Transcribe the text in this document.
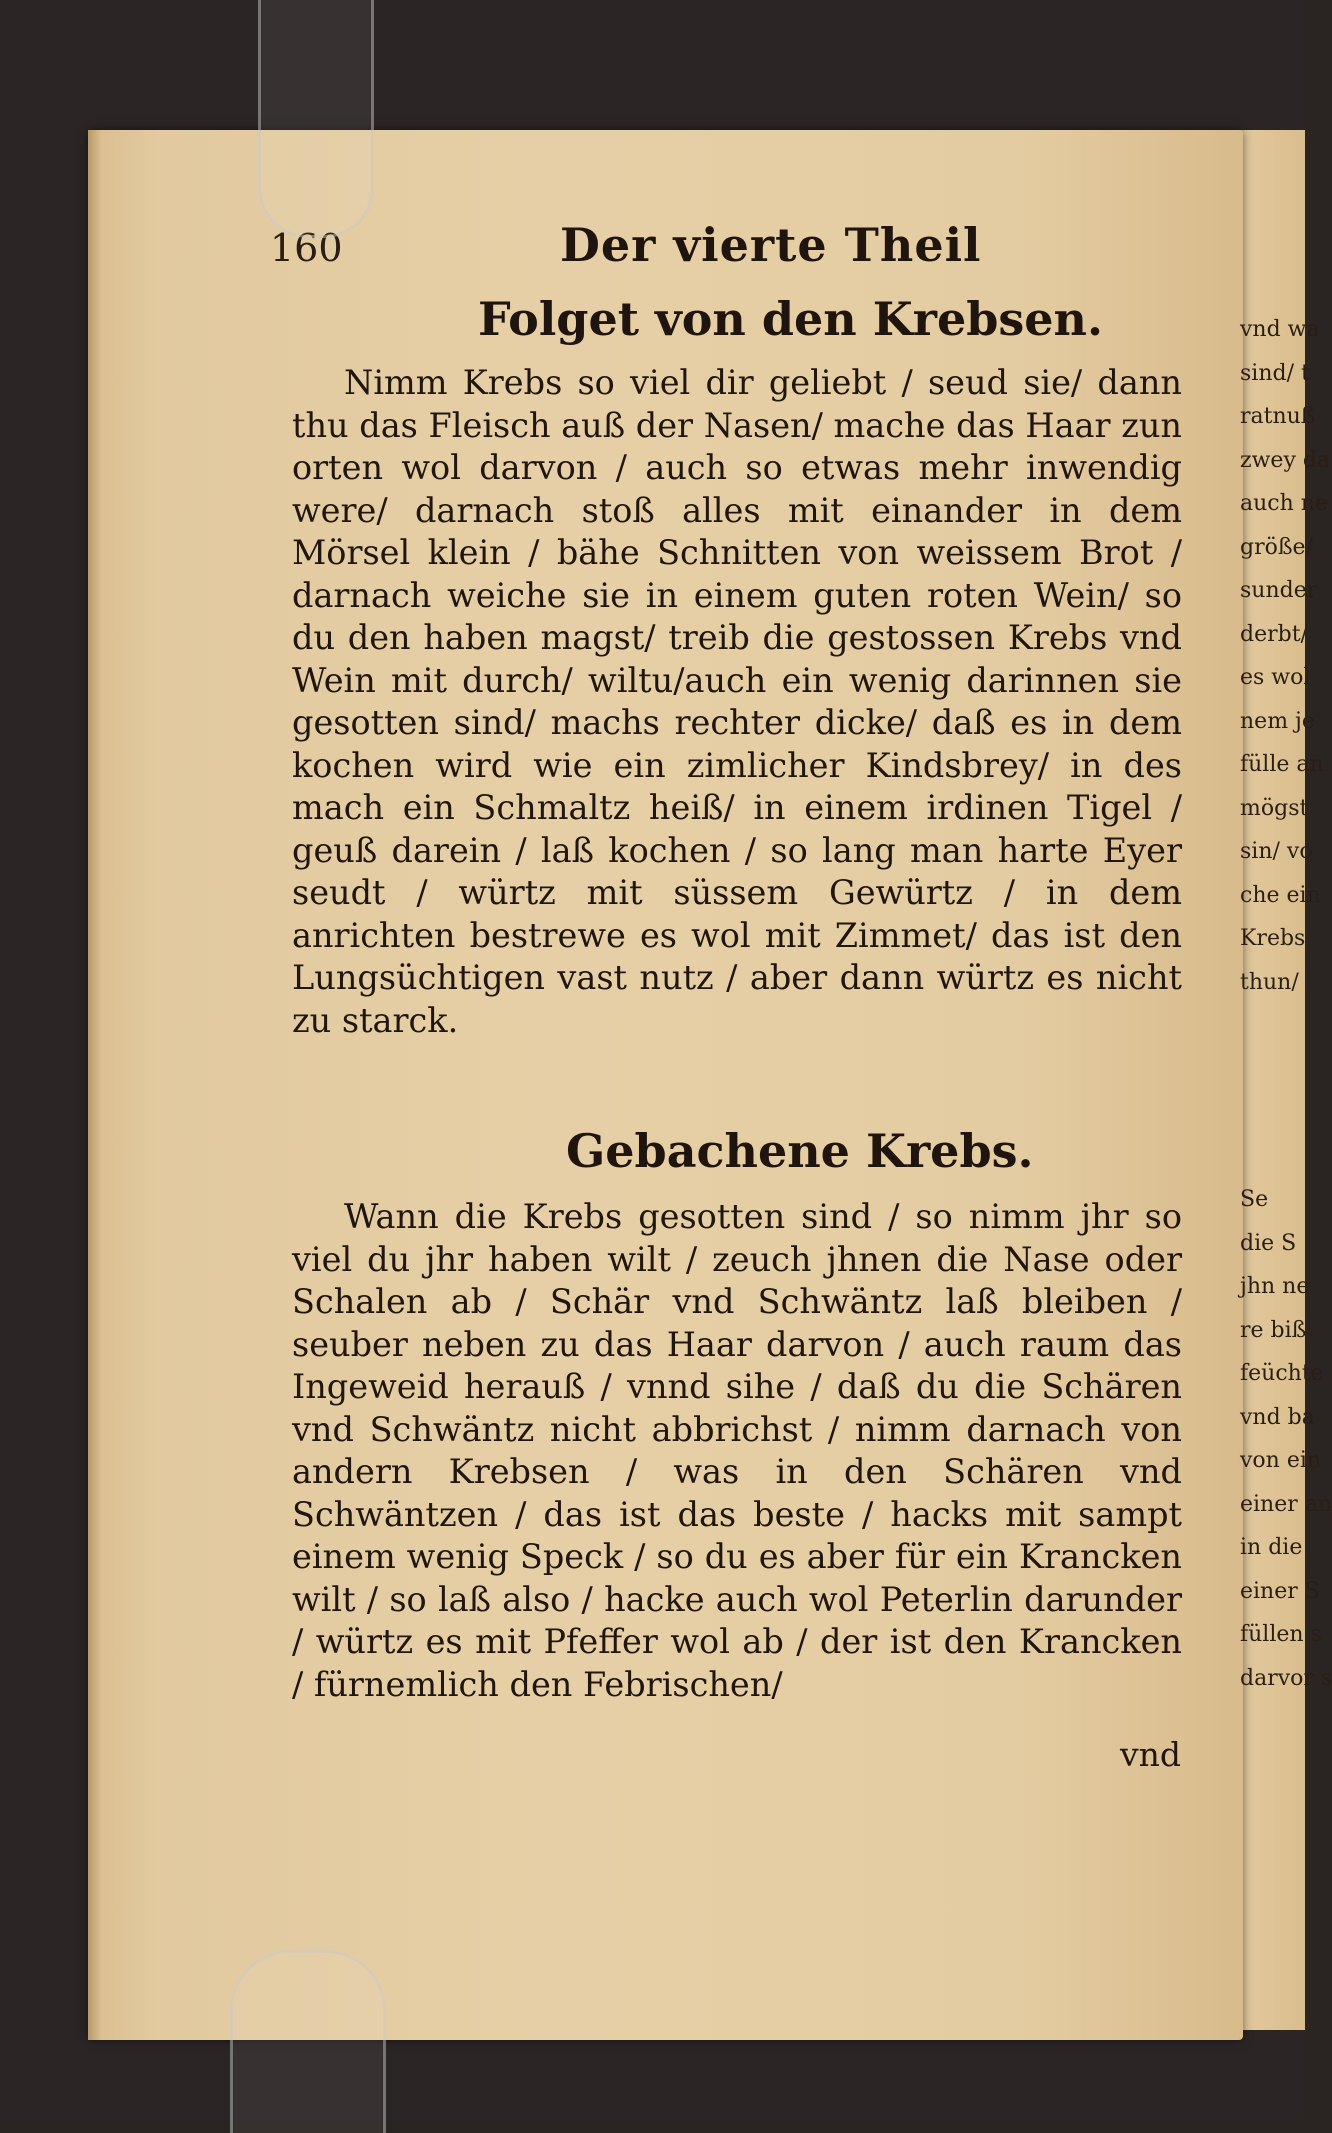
160	Der vierte Theil
Folget von den Krebsen.

Nimm Krebs so viel dir geliebt / seud sie/ dann thu das Fleisch auß der Nasen/ mache das Haar zun orten wol darvon / auch so etwas mehr inwendig were/ darnach stoß alles mit einander in dem Mörsel klein / bähe Schnitten von weissem Brot / darnach weiche sie in einem guten roten Wein/ so du den haben magst/ treib die gestossen Krebs vnd Wein mit durch/ wiltu/auch ein wenig darinnen sie gesotten sind/ machs rechter dicke/ daß es in dem kochen wird wie ein zimlicher Kindsbrey/ in des mach ein Schmaltz heiß/ in einem irdinen Tigel / geuß darein / laß kochen / so lang man harte Eyer seudt / würtz mit süssem Gewürtz / in dem anrichten bestrewe es wol mit Zimmet/ das ist den Lungsüchtigen vast nutz / aber dann würtz es nicht zu starck.

Gebachene Krebs.

Wann die Krebs gesotten sind / so nimm jhr so viel du jhr haben wilt / zeuch jhnen die Nase oder Schalen ab / Schär vnd Schwäntz laß bleiben / seuber neben zu das Haar darvon / auch raum das Ingeweid herauß / vnnd sihe / daß du die Schären vnd Schwäntz nicht abbrichst / nimm darnach von andern Krebsen / was in den Schären vnd Schwäntzen / das ist das beste / hacks mit sampt einem wenig Speck / so du es aber für ein Krancken wilt / so laß also / hacke auch wol Peterlin darunder / würtz es mit Pfeffer wol ab / der ist den Krancken / fürnemlich den Febrischen/

vnd
vnd wa
sind/ t
ratnuß
zwey da
auch ne
größe/
sunder
derbt/
es wol
nem je
fülle an
mögst
sin/ vo
che ein
Krebs
thun/
Se
die S
jhn ne
re biß
feüchte
vnd ba
von ein
einer an
in die
einer S
füllen s
darvor s
